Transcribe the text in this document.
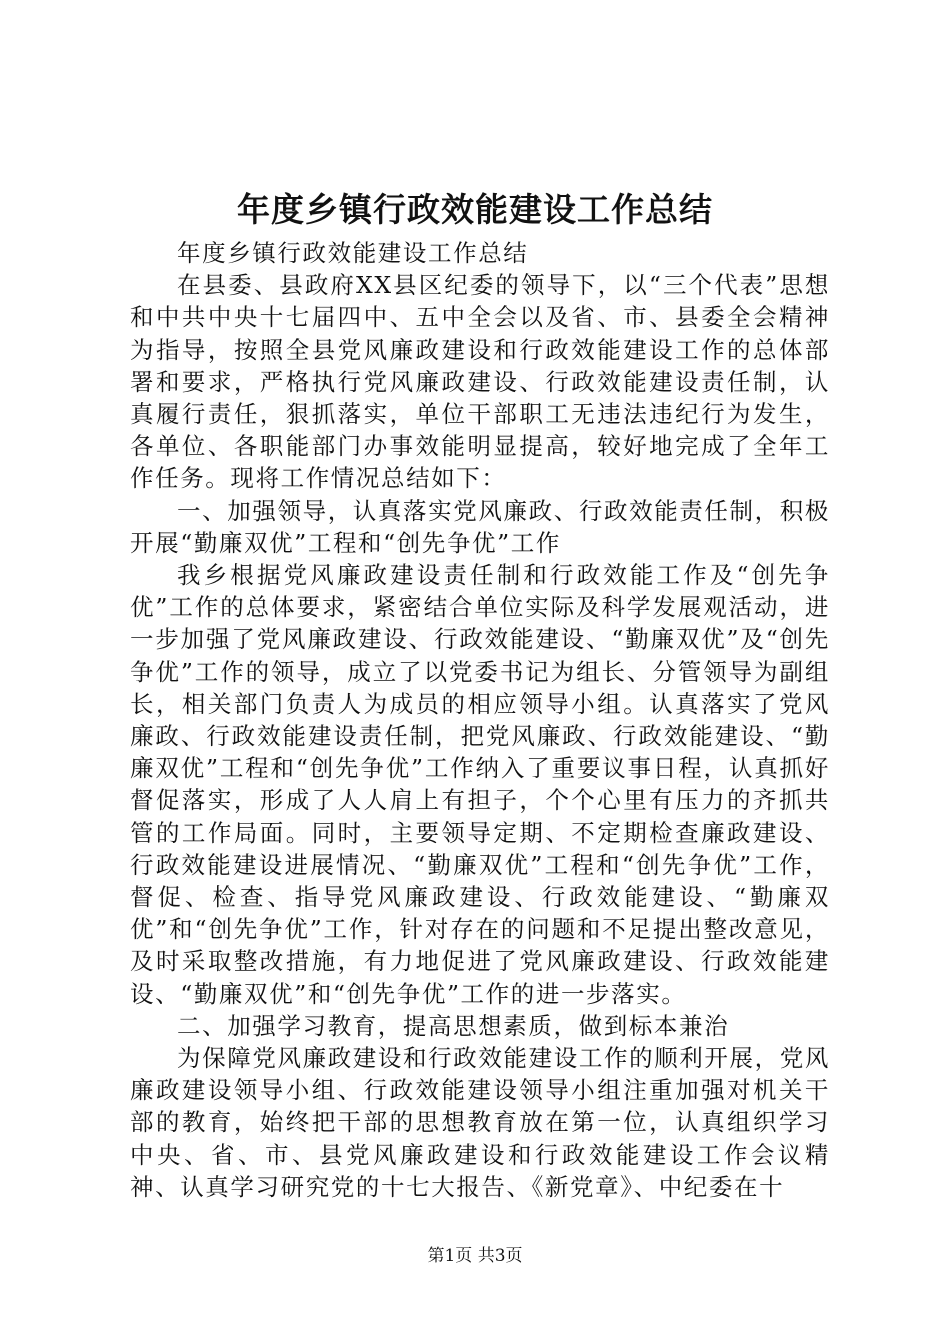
年度乡镇行政效能建设工作总结

年度乡镇行政效能建设工作总结

在县委、县政府XX县区纪委的领导下，以“三个代表”思想和中共中央十七届四中、五中全会以及省、市、县委全会精神为指导，按照全县党风廉政建设和行政效能建设工作的总体部署和要求，严格执行党风廉政建设、行政效能建设责任制，认真履行责任，狠抓落实，单位干部职工无违法违纪行为发生，各单位、各职能部门办事效能明显提高，较好地完成了全年工作任务。现将工作情况总结如下：

一、加强领导，认真落实党风廉政、行政效能责任制，积极开展“勤廉双优”工程和“创先争优”工作

我乡根据党风廉政建设责任制和行政效能工作及“创先争优”工作的总体要求，紧密结合单位实际及科学发展观活动，进一步加强了党风廉政建设、行政效能建设、“勤廉双优”及“创先争优”工作的领导，成立了以党委书记为组长、分管领导为副组长，相关部门负责人为成员的相应领导小组。认真落实了党风廉政、行政效能建设责任制，把党风廉政、行政效能建设、“勤廉双优”工程和“创先争优”工作纳入了重要议事日程，认真抓好督促落实，形成了人人肩上有担子，个个心里有压力的齐抓共管的工作局面。同时，主要领导定期、不定期检查廉政建设、行政效能建设进展情况、“勤廉双优”工程和“创先争优”工作，督促、检查、指导党风廉政建设、行政效能建设、“勤廉双优”和“创先争优”工作，针对存在的问题和不足提出整改意见，及时采取整改措施，有力地促进了党风廉政建设、行政效能建设、“勤廉双优”和“创先争优”工作的进一步落实。

二、加强学习教育，提高思想素质，做到标本兼治

为保障党风廉政建设和行政效能建设工作的顺利开展，党风廉政建设领导小组、行政效能建设领导小组注重加强对机关干部的教育，始终把干部的思想教育放在第一位，认真组织学习中央、省、市、县党风廉政建设和行政效能建设工作会议精神、认真学习研究党的十七大报告、《新党章》、中纪委在十

第1页 共3页
